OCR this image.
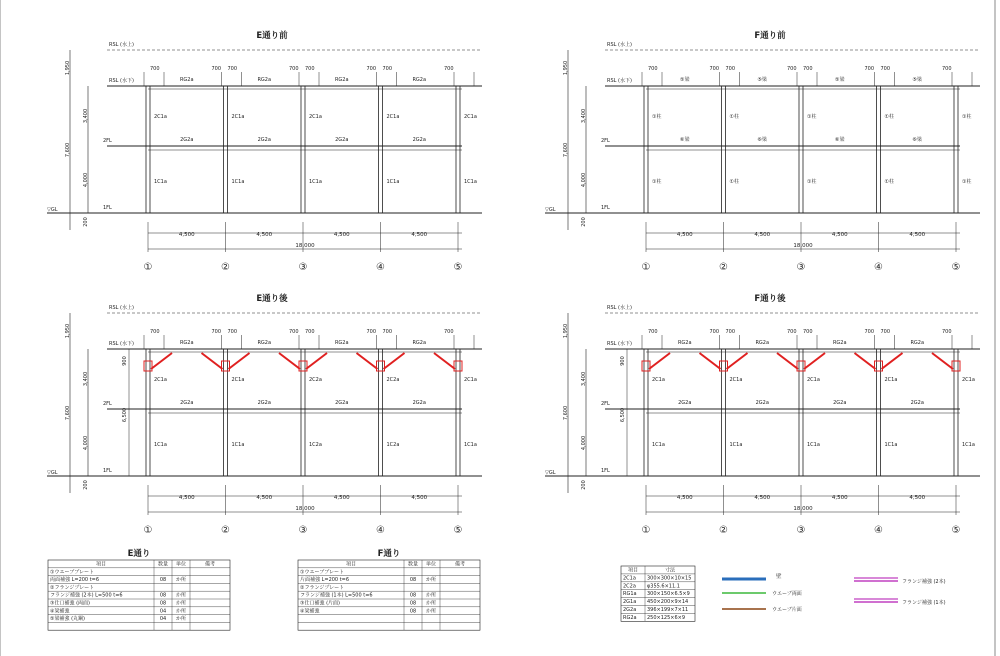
E通り前
RSL (水上)
RSL (水下)
2FL
1FL
▽GL
1,950
7,600
3,400
4,000
200
700	700 700	700 700	700 700	700
RG2a	RG2a	RG2a	RG2a
2G2a	2G2a	2G2a	2G2a
2C1a	2C1a	2C1a	2C1a	2C1a
1C1a	1C1a	1C1a	1C1a	1C1a
4,500	4,500	4,500	4,500
18,000
①	②	③	④	⑤
F通り前
RSL (水上)
RSL (水下)
2FL
1FL
▽GL
1,950
7,600
3,400
4,000
200
700	700 700	700 700	700 700	700
⑤梁	⑤梁	⑤梁	⑤梁
⑥梁	⑥梁	⑥梁	⑥梁
①柱	①柱	①柱	①柱	①柱
①柱	①柱	①柱	①柱	①柱
4,500	4,500	4,500	4,500
18,000
①	②	③	④	⑤
E通り後
RSL (水上)
RSL (水下)
2FL
1FL
▽GL
1,950
7,600
3,400
4,000
200
700	700 700	700 700	700 700	700
RG2a	RG2a	RG2a	RG2a
2G2a	2G2a	2G2a	2G2a
2C1a	2C1a	2C2a	2C2a	2C1a
1C1a	1C1a	1C2a	1C2a	1C1a
900
6,500
4,500	4,500	4,500	4,500
18,000
①	②	③	④	⑤
F通り後
RSL (水上)
RSL (水下)
2FL
1FL
▽GL
1,950
7,600
3,400
4,000
200
700	700 700	700 700	700 700	700
RG2a	RG2a	RG2a	RG2a
2G2a	2G2a	2G2a	2G2a
2C1a	2C1a	2C1a	2C1a	2C1a
1C1a	1C1a	1C1a	1C1a	1C1a
900
6,500
4,500	4,500	4,500	4,500
18,000
①	②	③	④	⑤
E通り
項目	数量 単位	備考
①ウエーブプレート
両面補強 L=200 t=6	08 か所
②フランジプレート
フランジ補強 (2本) L=500 t=6	08 か所
③仕口補強 (両面)	08 か所
④梁補強	04 か所
⑤梁補強 (丸鋼)	04 か所
F通り
項目	数量 単位	備考
①ウエーブプレート
片面補強 L=200 t=6	08 か所
②フランジプレート
フランジ補強 (1本) L=500 t=6	08 か所
③仕口補強 (片面)	08 か所
④梁補強	08 か所
項目	寸法
2C1a 300×300×10×15
2C2a φ355.6×11.1
RG1a 300×150×6.5×9
2G1a 450×200×9×14
2G2a 396×199×7×11
RG2a 250×125×6×9
壁
ウエーブ両面
ウエーブ片面
フランジ補強 (2本)
フランジ補強 (1本)
